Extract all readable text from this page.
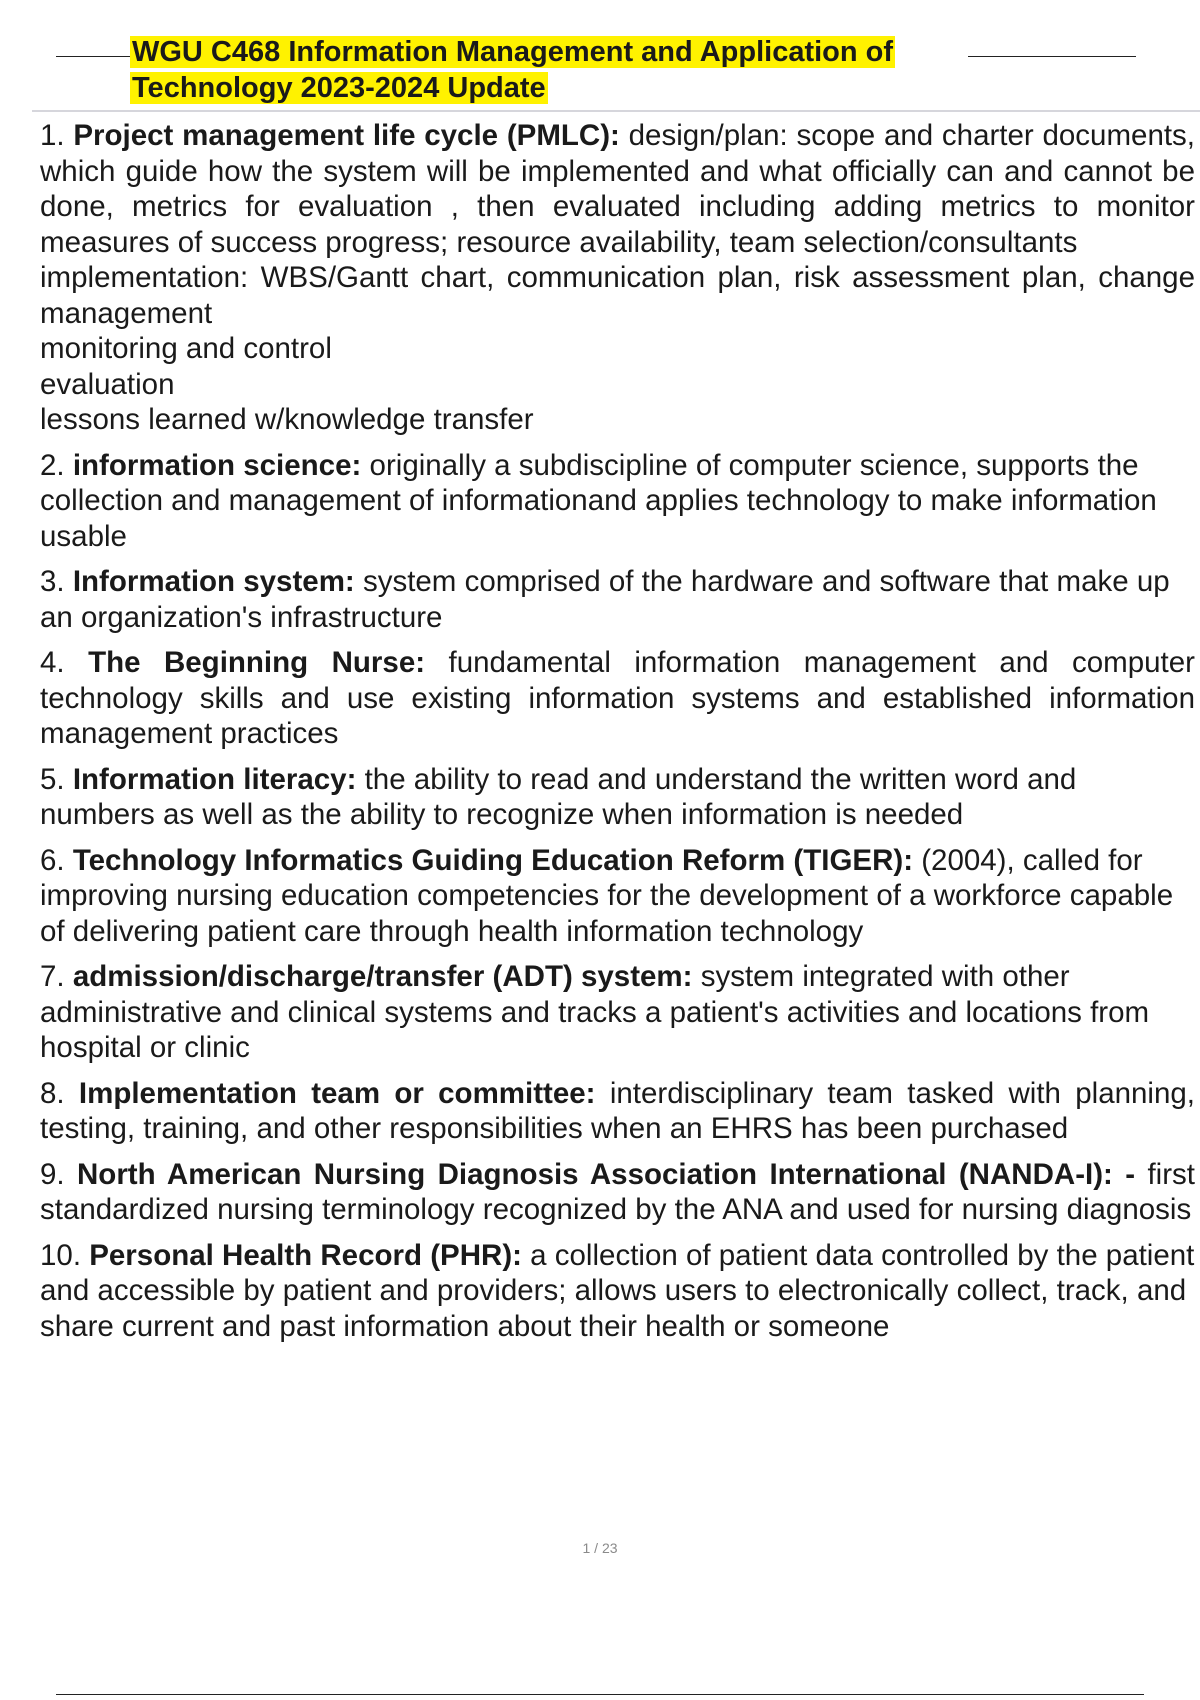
WGU C468 Information Management and Application of
Technology 2023-2024 Update
1. Project management life cycle (PMLC): design/plan: scope and charter documents, which guide how the system will be implemented and what officially can and cannot be done, metrics for evaluation , then evaluated including adding metrics to monitor measures of success progress; resource availability, team selection/consultants
implementation: WBS/Gantt chart, communication plan, risk assessment plan, change management
monitoring and control
evaluation
lessons learned w/knowledge transfer
2. information science: originally a subdiscipline of computer science, supports the collection and management of informationand applies technology to make information usable
3. Information system: system comprised of the hardware and software that make up an organization's infrastructure
4. The Beginning Nurse: fundamental information management and computer technology skills and use existing information systems and established information management practices
5. Information literacy: the ability to read and understand the written word and numbers as well as the ability to recognize when information is needed
6. Technology Informatics Guiding Education Reform (TIGER): (2004), called for improving nursing education competencies for the development of a workforce capable of delivering patient care through health information technology
7. admission/discharge/transfer (ADT) system: system integrated with other administrative and clinical systems and tracks a patient's activities and locations from hospital or clinic
8. Implementation team or committee: interdisciplinary team tasked with planning, testing, training, and other responsibilities when an EHRS has been purchased
9. North American Nursing Diagnosis Association International (NANDA-I): - first standardized nursing terminology recognized by the ANA and used for nursing diagnosis
10. Personal Health Record (PHR): a collection of patient data controlled by the patient and accessible by patient and providers; allows users to electronically collect, track, and share current and past information about their health or someone
1 / 23
